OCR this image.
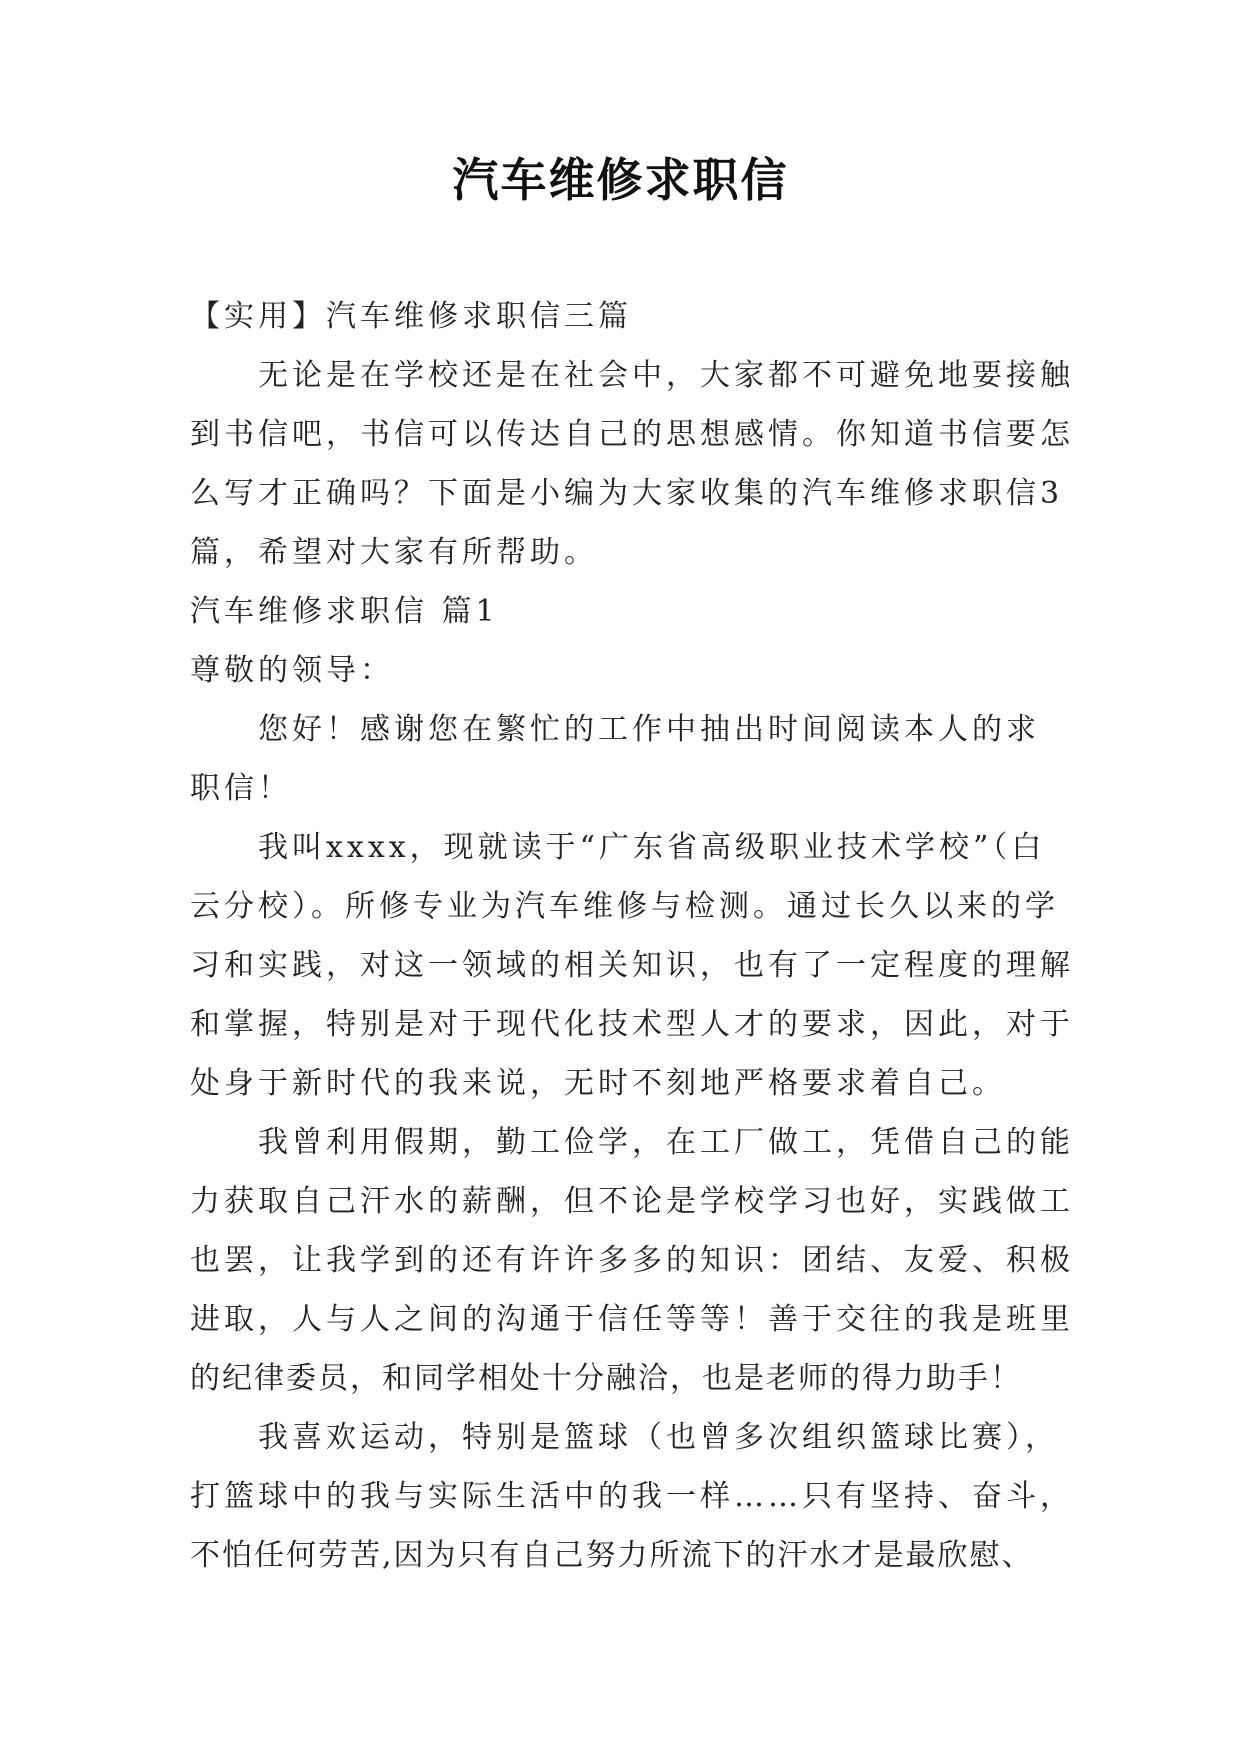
汽车维修求职信
【实用】汽车维修求职信三篇
无论是在学校还是在社会中，大家都不可避免地要接触
到书信吧，书信可以传达自己的思想感情。你知道书信要怎
么写才正确吗？下面是小编为大家收集的汽车维修求职信3
篇，希望对大家有所帮助。
汽车维修求职信 篇1
尊敬的领导：
您好！感谢您在繁忙的工作中抽出时间阅读本人的求
职信！
我叫xxxx，现就读于“广东省高级职业技术学校”（白
云分校）。所修专业为汽车维修与检测。通过长久以来的学
习和实践，对这一领域的相关知识，也有了一定程度的理解
和掌握，特别是对于现代化技术型人才的要求，因此，对于
处身于新时代的我来说，无时不刻地严格要求着自己。
我曾利用假期，勤工俭学，在工厂做工，凭借自己的能
力获取自己汗水的薪酬，但不论是学校学习也好，实践做工
也罢，让我学到的还有许许多多的知识：团结、友爱、积极
进取，人与人之间的沟通于信任等等！善于交往的我是班里
的纪律委员，和同学相处十分融洽，也是老师的得力助手！
我喜欢运动，特别是篮球（也曾多次组织篮球比赛），
打篮球中的我与实际生活中的我一样……只有坚持、奋斗，
不怕任何劳苦,因为只有自己努力所流下的汗水才是最欣慰、
